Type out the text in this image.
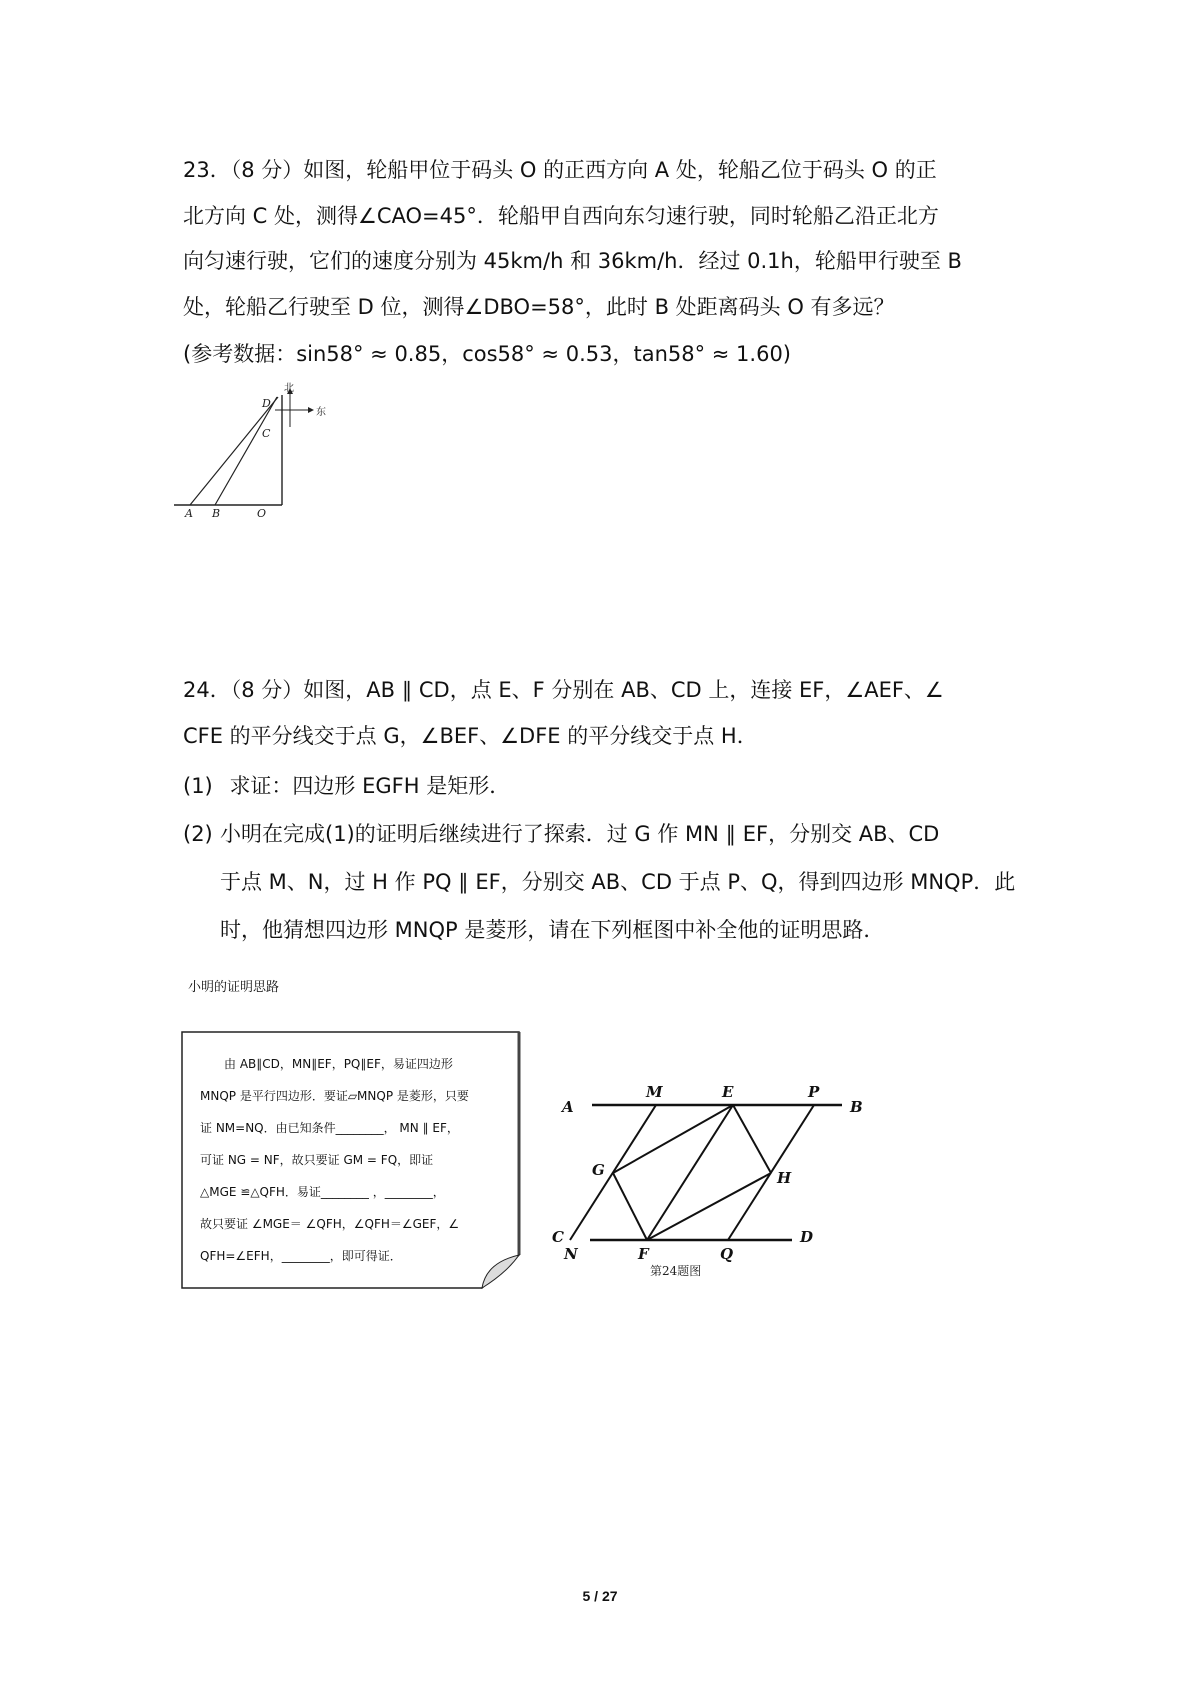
23．（8 分）如图，轮船甲位于码头 O 的正西方向 A 处，轮船乙位于码头 O 的正
北方向 C 处，测得∠CAO=45°．轮船甲自西向东匀速行驶，同时轮船乙沿正北方
向匀速行驶，它们的速度分别为 45km/h 和 36km/h．经过 0.1h，轮船甲行驶至 B
处，轮船乙行驶至 D 位，测得∠DBO=58°，此时 B 处距离码头 O 有多远？
(参考数据：sin58° ≈ 0.85，cos58° ≈ 0.53，tan58° ≈ 1.60)
北
东
D
C
A B	O
24．（8 分）如图，AB ∥ CD，点 E、F 分别在 AB、CD 上，连接 EF，∠AEF、∠
CFE 的平分线交于点 G，∠BEF、∠DFE 的平分线交于点 H．
(1) 求证：四边形 EGFH 是矩形．
(2) 小明在完成(1)的证明后继续进行了探索．过 G 作 MN ∥ EF，分别交 AB、CD
于点 M、N，过 H 作 PQ ∥ EF，分别交 AB、CD 于点 P、Q，得到四边形 MNQP．此
时，他猜想四边形 MNQP 是菱形，请在下列框图中补全他的证明思路．
小明的证明思路
由 AB∥CD，MN∥EF，PQ∥EF，易证四边形
MNQP 是平行四边形．要证▱MNQP 是菱形，只要
证 NM=NQ．由已知条件________， MN ∥ EF，
可证 NG = NF，故只要证 GM = FQ，即证
△MGE ≌△QFH．易证________ ，________，
故只要证 ∠MGE＝ ∠QFH，∠QFH＝∠GEF，∠
QFH=∠EFH，________，即可得证．
A
M	E	P
B
G	H
C
N	F	Q
D
第24题图
5 / 27
